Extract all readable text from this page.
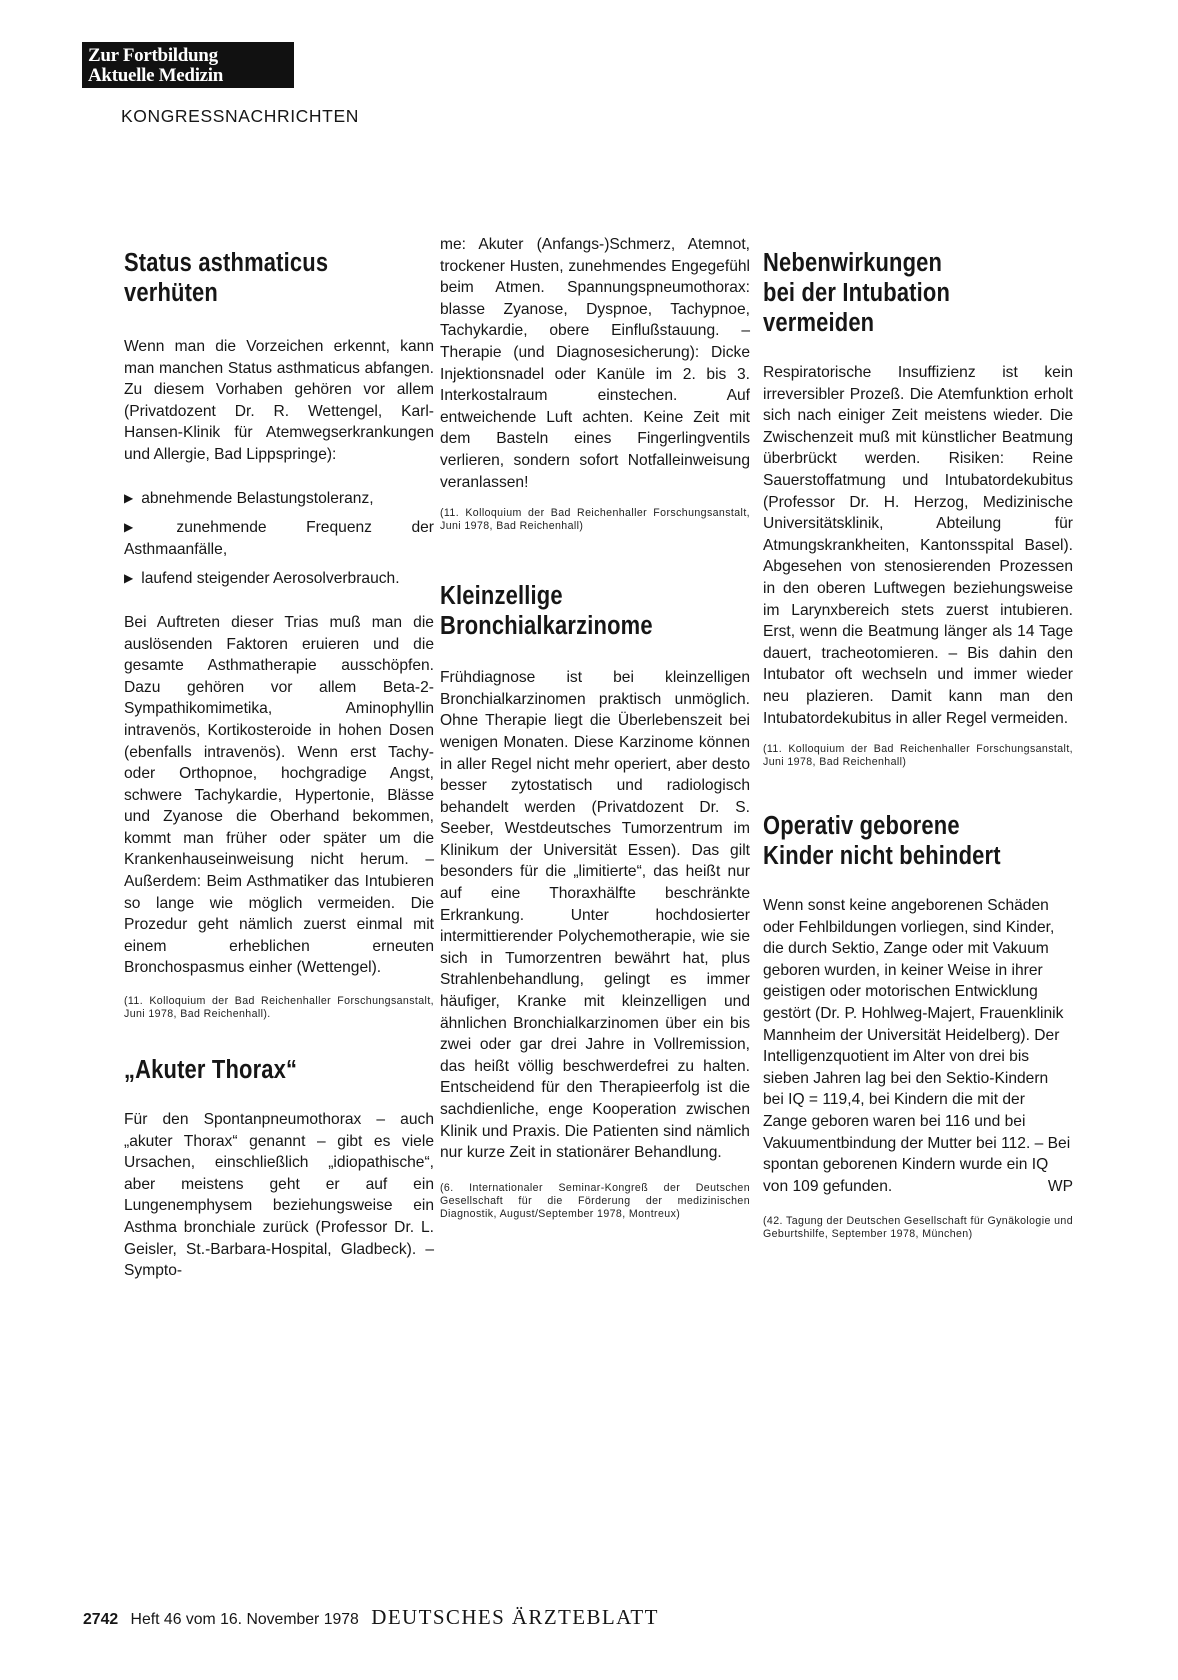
Zur Fortbildung
Aktuelle Medizin
KONGRESSNACHRICHTEN
Status asthmaticus
verhüten

Wenn man die Vorzeichen erkennt, kann man manchen Status asthmaticus abfangen. Zu diesem Vorhaben gehören vor allem (Privatdozent Dr. R. Wettengel, Karl-Hansen-Klinik für Atemwegserkrankungen und Allergie, Bad Lippspringe):

▶ abnehmende Belastungstoleranz,

▶ zunehmende Frequenz der Asthmaanfälle,

▶ laufend steigender Aerosolverbrauch.

Bei Auftreten dieser Trias muß man die auslösenden Faktoren eruieren und die gesamte Asthmatherapie ausschöpfen. Dazu gehören vor allem Beta-2-Sympathikomimetika, Aminophyllin intravenös, Kortikosteroide in hohen Dosen (ebenfalls intravenös). Wenn erst Tachy- oder Orthopnoe, hochgradige Angst, schwere Tachykardie, Hypertonie, Blässe und Zyanose die Oberhand bekommen, kommt man früher oder später um die Krankenhauseinweisung nicht herum. – Außerdem: Beim Asthmatiker das Intubieren so lange wie möglich vermeiden. Die Prozedur geht nämlich zuerst einmal mit einem erheblichen erneuten Bronchospasmus einher (Wettengel).

(11. Kolloquium der Bad Reichenhaller Forschungsanstalt, Juni 1978, Bad Reichenhall).

„Akuter Thorax“

Für den Spontanpneumothorax – auch „akuter Thorax“ genannt – gibt es viele Ursachen, einschließlich „idiopathische“, aber meistens geht er auf ein Lungenemphysem beziehungsweise ein Asthma bronchiale zurück (Professor Dr. L. Geisler, St.-Barbara-Hospital, Gladbeck). – Sympto-

me: Akuter (Anfangs-)Schmerz, Atemnot, trockener Husten, zunehmendes Engegefühl beim Atmen. Spannungspneumothorax: blasse Zyanose, Dyspnoe, Tachypnoe, Tachykardie, obere Einflußstauung. – Therapie (und Diagnosesicherung): Dicke Injektionsnadel oder Kanüle im 2. bis 3. Interkostalraum einstechen. Auf entweichende Luft achten. Keine Zeit mit dem Basteln eines Fingerlingventils verlieren, sondern sofort Notfalleinweisung veranlassen!

(11. Kolloquium der Bad Reichenhaller Forschungsanstalt, Juni 1978, Bad Reichenhall)

Kleinzellige
Bronchialkarzinome

Frühdiagnose ist bei kleinzelligen Bronchialkarzinomen praktisch unmöglich. Ohne Therapie liegt die Überlebenszeit bei wenigen Monaten. Diese Karzinome können in aller Regel nicht mehr operiert, aber desto besser zytostatisch und radiologisch behandelt werden (Privatdozent Dr. S. Seeber, Westdeutsches Tumorzentrum im Klinikum der Universität Essen). Das gilt besonders für die „limitierte“, das heißt nur auf eine Thoraxhälfte beschränkte Erkrankung. Unter hochdosierter intermittierender Polychemotherapie, wie sie sich in Tumorzentren bewährt hat, plus Strahlenbehandlung, gelingt es immer häufiger, Kranke mit kleinzelligen und ähnlichen Bronchialkarzinomen über ein bis zwei oder gar drei Jahre in Vollremission, das heißt völlig beschwerdefrei zu halten. Entscheidend für den Therapieerfolg ist die sachdienliche, enge Kooperation zwischen Klinik und Praxis. Die Patienten sind nämlich nur kurze Zeit in stationärer Behandlung.

(6. Internationaler Seminar-Kongreß der Deutschen Gesellschaft für die Förderung der medizinischen Diagnostik, August/September 1978, Montreux)

Nebenwirkungen
bei der Intubation
vermeiden

Respiratorische Insuffizienz ist kein irreversibler Prozeß. Die Atemfunktion erholt sich nach einiger Zeit meistens wieder. Die Zwischenzeit muß mit künstlicher Beatmung überbrückt werden. Risiken: Reine Sauerstoffatmung und Intubatordekubitus (Professor Dr. H. Herzog, Medizinische Universitätsklinik, Abteilung für Atmungskrankheiten, Kantonsspital Basel). Abgesehen von stenosierenden Prozessen in den oberen Luftwegen beziehungsweise im Larynxbereich stets zuerst intubieren. Erst, wenn die Beatmung länger als 14 Tage dauert, tracheotomieren. – Bis dahin den Intubator oft wechseln und immer wieder neu plazieren. Damit kann man den Intubatordekubitus in aller Regel vermeiden.

(11. Kolloquium der Bad Reichenhaller Forschungsanstalt, Juni 1978, Bad Reichenhall)

Operativ geborene
Kinder nicht behindert

Wenn sonst keine angeborenen Schäden oder Fehlbildungen vorliegen, sind Kinder, die durch Sektio, Zange oder mit Vakuum geboren wurden, in keiner Weise in ihrer geistigen oder motorischen Entwicklung gestört (Dr. P. Hohlweg-Majert, Frauenklinik Mannheim der Universität Heidelberg). Der Intelligenzquotient im Alter von drei bis sieben Jahren lag bei den Sektio-Kindern bei IQ = 119,4, bei Kindern die mit der Zange geboren waren bei 116 und bei Vakuumentbindung der Mutter bei 112. – Bei spontan geborenen Kindern wurde ein IQ von 109 gefunden.	WP

(42. Tagung der Deutschen Gesellschaft für Gynäkologie und Geburtshilfe, September 1978, München)

2742 Heft 46 vom 16. November 1978 DEUTSCHES ÄRZTEBLATT
